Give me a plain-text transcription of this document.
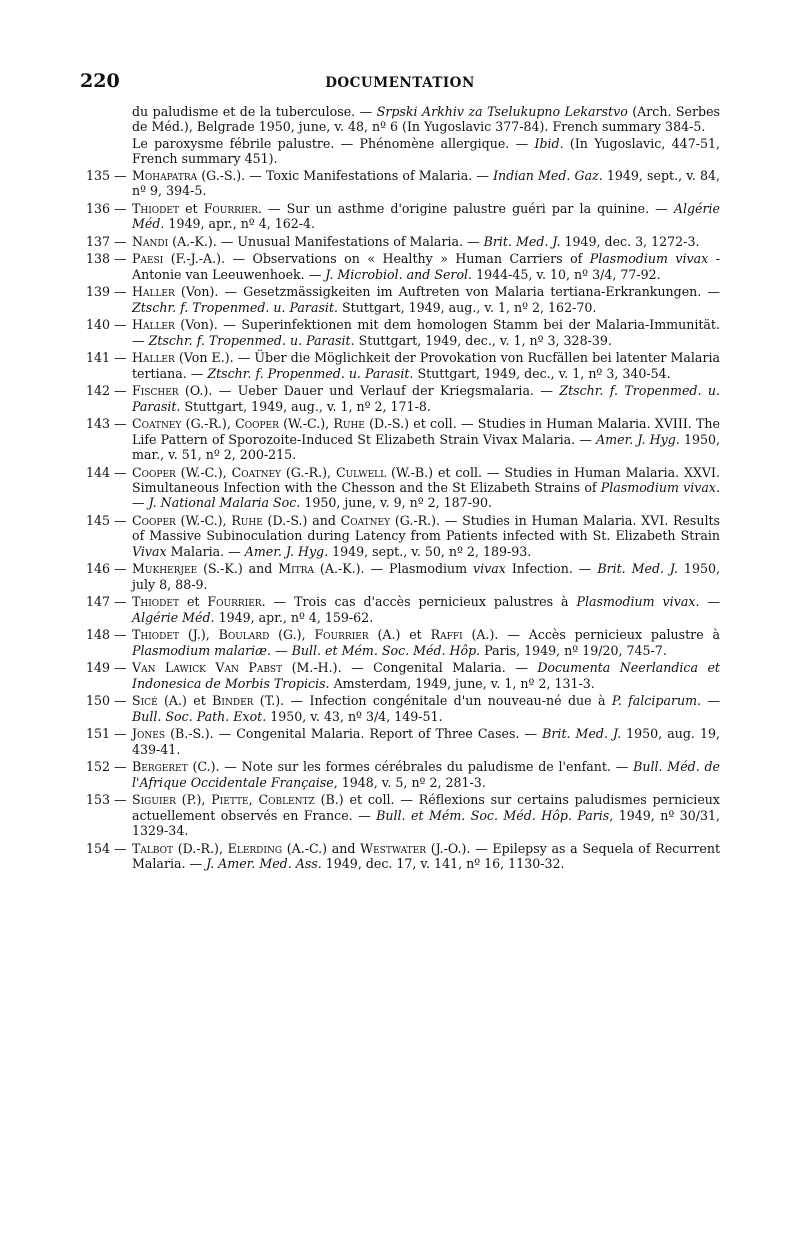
220	DOCUMENTATION
du paludisme et de la tuberculose. — Srpski Arkhiv za Tselukupno Lekarstvo (Arch. Serbes de Méd.), Belgrade 1950, june, v. 48, nº 6 (In Yugoslavic 377-84). French summary 384-5.
Le paroxysme fébrile palustre. — Phénomène allergique. — Ibid. (In Yugoslavic, 447-51, French summary 451).
135 — Mohapatra (G.-S.). — Toxic Manifestations of Malaria. — Indian Med. Gaz. 1949, sept., v. 84, nº 9, 394-5.
136 — Thiodet et Fourrier. — Sur un asthme d'origine palustre guéri par la quinine. — Algérie Méd. 1949, apr., nº 4, 162-4.
137 — Nandi (A.-K.). — Unusual Manifestations of Malaria. — Brit. Med. J. 1949, dec. 3, 1272-3.
138 — Paesi (F.-J.-A.). — Observations on « Healthy » Human Carriers of Plasmodium vivax - Antonie van Leeuwenhoek. — J. Microbiol. and Serol. 1944-45, v. 10, nº 3/4, 77-92.
139 — Haller (Von). — Gesetzmässigkeiten im Auftreten von Malaria tertiana-Erkrankungen. — Ztschr. f. Tropenmed. u. Parasit. Stuttgart, 1949, aug., v. 1, nº 2, 162-70.
140 — Haller (Von). — Superinfektionen mit dem homologen Stamm bei der Malaria-Immunität. — Ztschr. f. Tropenmed. u. Parasit. Stuttgart, 1949, dec., v. 1, nº 3, 328-39.
141 — Haller (Von E.). — Über die Möglichkeit der Provokation von Rucfällen bei latenter Malaria tertiana. — Ztschr. f. Propenmed. u. Parasit. Stuttgart, 1949, dec., v. 1, nº 3, 340-54.
142 — Fischer (O.). — Ueber Dauer und Verlauf der Kriegsmalaria. — Ztschr. f. Tropenmed. u. Parasit. Stuttgart, 1949, aug., v. 1, nº 2, 171-8.
143 — Coatney (G.-R.), Cooper (W.-C.), Ruhe (D.-S.) et coll. — Studies in Human Malaria. XVIII. The Life Pattern of Sporozoite-Induced St Elizabeth Strain Vivax Malaria. — Amer. J. Hyg. 1950, mar., v. 51, nº 2, 200-215.
144 — Cooper (W.-C.), Coatney (G.-R.), Culwell (W.-B.) et coll. — Studies in Human Malaria. XXVI. Simultaneous Infection with the Chesson and the St Elizabeth Strains of Plasmodium vivax. — J. National Malaria Soc. 1950, june, v. 9, nº 2, 187-90.
145 — Cooper (W.-C.), Ruhe (D.-S.) and Coatney (G.-R.). — Studies in Human Malaria. XVI. Results of Massive Subinoculation during Latency from Patients infected with St. Elizabeth Strain Vivax Malaria. — Amer. J. Hyg. 1949, sept., v. 50, nº 2, 189-93.
146 — Mukherjee (S.-K.) and Mitra (A.-K.). — Plasmodium vivax Infection. — Brit. Med. J. 1950, july 8, 88-9.
147 — Thiodet et Fourrier. — Trois cas d'accès pernicieux palustres à Plasmodium vivax. — Algérie Méd. 1949, apr., nº 4, 159-62.
148 — Thiodet (J.), Boulard (G.), Fourrier (A.) et Raffi (A.). — Accès pernicieux palustre à Plasmodium malariæ. — Bull. et Mém. Soc. Méd. Hôp. Paris, 1949, nº 19/20, 745-7.
149 — Van Lawick Van Pabst (M.-H.). — Congenital Malaria. — Documenta Neerlandica et Indonesica de Morbis Tropicis. Amsterdam, 1949, june, v. 1, nº 2, 131-3.
150 — Sicé (A.) et Binder (T.). — Infection congénitale d'un nouveau-né due à P. falciparum. — Bull. Soc. Path. Exot. 1950, v. 43, nº 3/4, 149-51.
151 — Jones (B.-S.). — Congenital Malaria. Report of Three Cases. — Brit. Med. J. 1950, aug. 19, 439-41.
152 — Bergeret (C.). — Note sur les formes cérébrales du paludisme de l'enfant. — Bull. Méd. de l'Afrique Occidentale Française, 1948, v. 5, nº 2, 281-3.
153 — Siguier (P.), Piette, Coblentz (B.) et coll. — Réflexions sur certains paludismes pernicieux actuellement observés en France. — Bull. et Mém. Soc. Méd. Hôp. Paris, 1949, nº 30/31, 1329-34.
154 — Talbot (D.-R.), Elerding (A.-C.) and Westwater (J.-O.). — Epilepsy as a Sequela of Recurrent Malaria. — J. Amer. Med. Ass. 1949, dec. 17, v. 141, nº 16, 1130-32.
